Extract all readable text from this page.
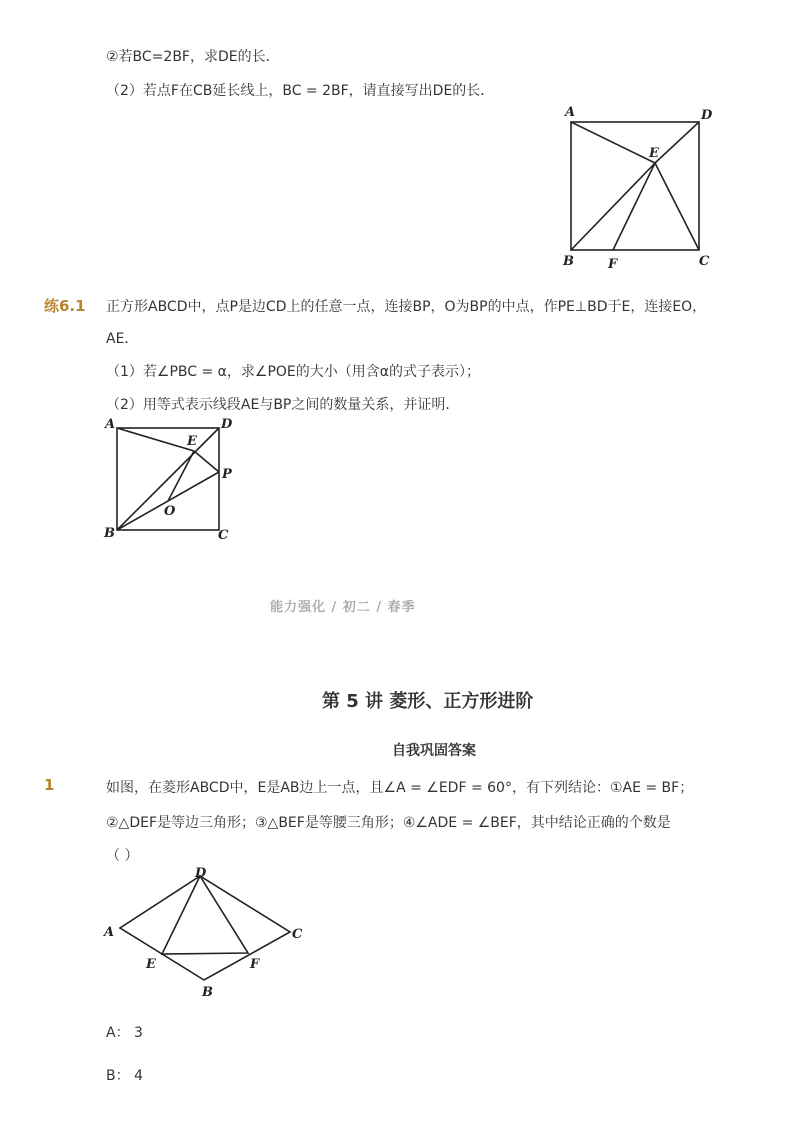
②若BC=2BF，求DE的长．
（2）若点F在CB延长线上，BC = 2BF，请直接写出DE的长．
A	D
E
B	F	C
练6.1 正方形ABCD中，点P是边CD上的任意一点，连接BP，O为BP的中点，作PE⊥BD于E，连接EO，
AE．
（1）若∠PBC = α，求∠POE的大小（用含α的式子表示）；
（2）用等式表示线段AE与BP之间的数量关系，并证明．
A	D
E
P
O
B	C
能力强化 / 初二 / 春季
第 5 讲 菱形、正方形进阶
自我巩固答案
1	如图，在菱形ABCD中，E是AB边上一点，且∠A = ∠EDF = 60°，有下列结论：①AE = BF；
②△DEF是等边三角形；③△BEF是等腰三角形；④∠ADE = ∠BEF，其中结论正确的个数是
（ ）
D
A	C
E	F
B
A： 3
B： 4
